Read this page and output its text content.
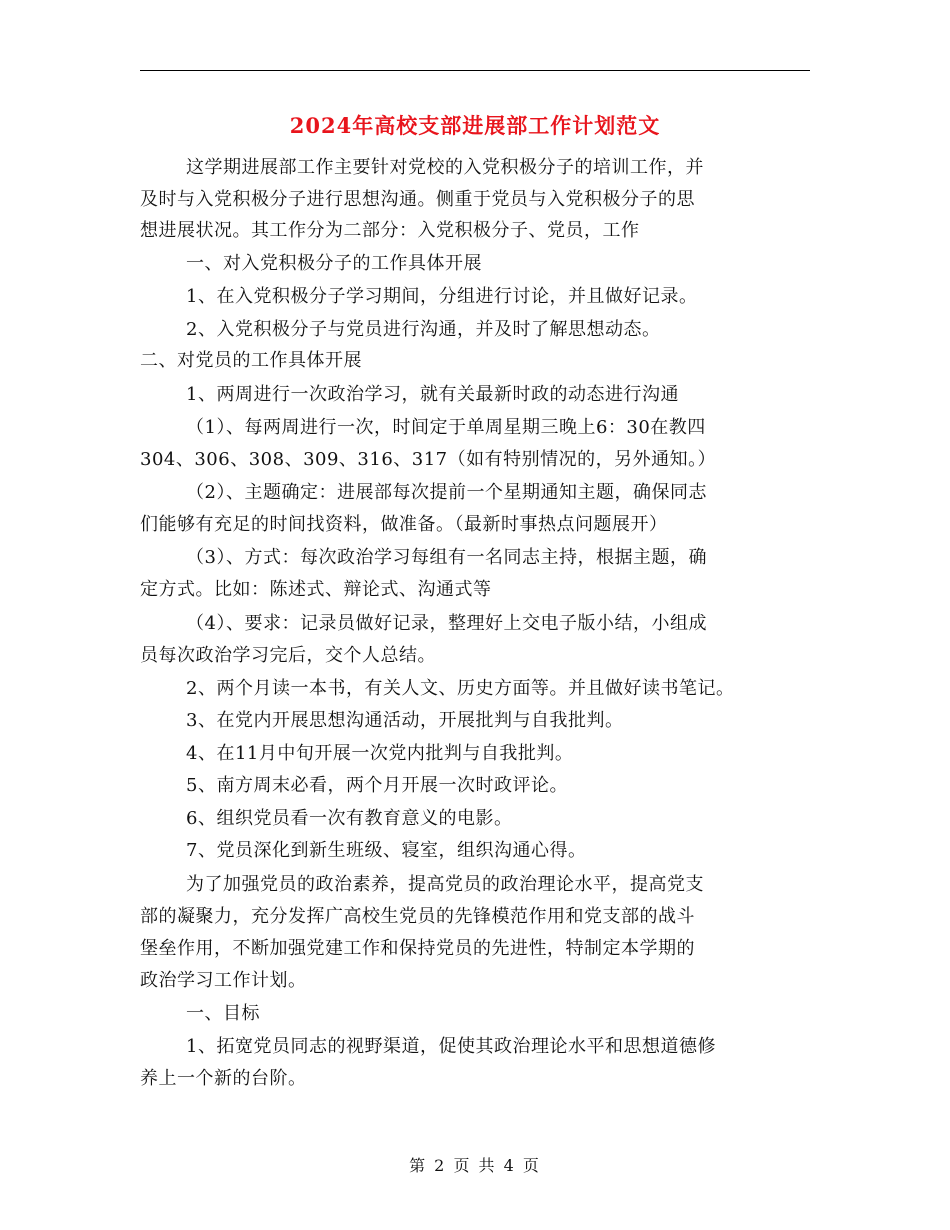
2024年高校支部进展部工作计划范文
这学期进展部工作主要针对党校的入党积极分子的培训工作，并
及时与入党积极分子进行思想沟通。侧重于党员与入党积极分子的思
想进展状况。其工作分为二部分：入党积极分子、党员，工作
一、对入党积极分子的工作具体开展
1、在入党积极分子学习期间，分组进行讨论，并且做好记录。
2、入党积极分子与党员进行沟通，并及时了解思想动态。
二、对党员的工作具体开展
1、两周进行一次政治学习，就有关最新时政的动态进行沟通
（1）、每两周进行一次，时间定于单周星期三晚上6：30在教四
304、306、308、309、316、317（如有特别情况的，另外通知。）
（2）、主题确定：进展部每次提前一个星期通知主题，确保同志
们能够有充足的时间找资料，做准备。（最新时事热点问题展开）
（3）、方式：每次政治学习每组有一名同志主持，根据主题，确
定方式。比如：陈述式、辩论式、沟通式等
（4）、要求：记录员做好记录，整理好上交电子版小结，小组成
员每次政治学习完后，交个人总结。
2、两个月读一本书，有关人文、历史方面等。并且做好读书笔记。
3、在党内开展思想沟通活动，开展批判与自我批判。
4、在11月中旬开展一次党内批判与自我批判。
5、南方周末必看，两个月开展一次时政评论。
6、组织党员看一次有教育意义的电影。
7、党员深化到新生班级、寝室，组织沟通心得。
为了加强党员的政治素养，提高党员的政治理论水平，提高党支
部的凝聚力，充分发挥广高校生党员的先锋模范作用和党支部的战斗
堡垒作用，不断加强党建工作和保持党员的先进性，特制定本学期的
政治学习工作计划。
一、目标
1、拓宽党员同志的视野渠道，促使其政治理论水平和思想道德修
养上一个新的台阶。
第 2 页 共 4 页
